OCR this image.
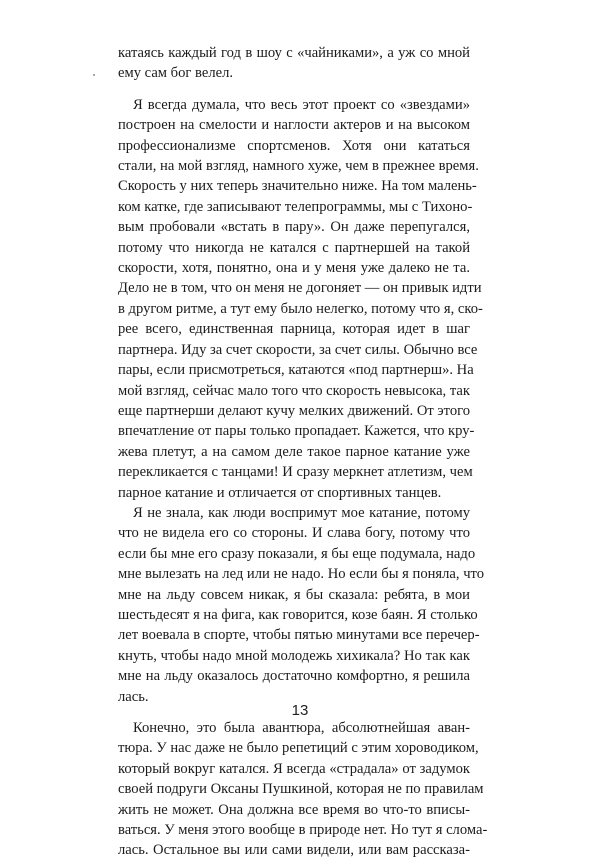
катаясь каждый год в шоу с «чайниками», а уж со мной
ему сам бог велел.
Я всегда думала, что весь этот проект со «звездами»
построен на смелости и наглости актеров и на высоком
профессионализме спортсменов. Хотя они кататься
стали, на мой взгляд, намного хуже, чем в прежнее время.
Скорость у них теперь значительно ниже. На том малень-
ком катке, где записывают телепрограммы, мы с Тихоно-
вым пробовали «встать в пару». Он даже перепугался,
потому что никогда не катался с партнершей на такой
скорости, хотя, понятно, она и у меня уже далеко не та.
Дело не в том, что он меня не догоняет — он привык идти
в другом ритме, а тут ему было нелегко, потому что я, ско-
рее всего, единственная парница, которая идет в шаг
партнера. Иду за счет скорости, за счет силы. Обычно все
пары, если присмотреться, катаются «под партнерш». На
мой взгляд, сейчас мало того что скорость невысока, так
еще партнерши делают кучу мелких движений. От этого
впечатление от пары только пропадает. Кажется, что кру-
жева плетут, а на самом деле такое парное катание уже
перекликается с танцами! И сразу меркнет атлетизм, чем
парное катание и отличается от спортивных танцев.
Я не знала, как люди воспримут мое катание, потому
что не видела его со стороны. И слава богу, потому что
если бы мне его сразу показали, я бы еще подумала, надо
мне вылезать на лед или не надо. Но если бы я поняла, что
мне на льду совсем никак, я бы сказала: ребята, в мои
шестьдесят я на фига, как говорится, козе баян. Я столько
лет воевала в спорте, чтобы пятью минутами все перечер-
кнуть, чтобы надо мной молодежь хихикала? Но так как
мне на льду оказалось достаточно комфортно, я решила
лась.
Конечно, это была авантюра, абсолютнейшая аван-
тюра. У нас даже не было репетиций с этим хороводиком,
который вокруг катался. Я всегда «страдала» от задумок
своей подруги Оксаны Пушкиной, которая не по правилам
жить не может. Она должна все время во что-то вписы-
ваться. У меня этого вообще в природе нет. Но тут я слома-
лась. Остальное вы или сами видели, или вам рассказа-
13
